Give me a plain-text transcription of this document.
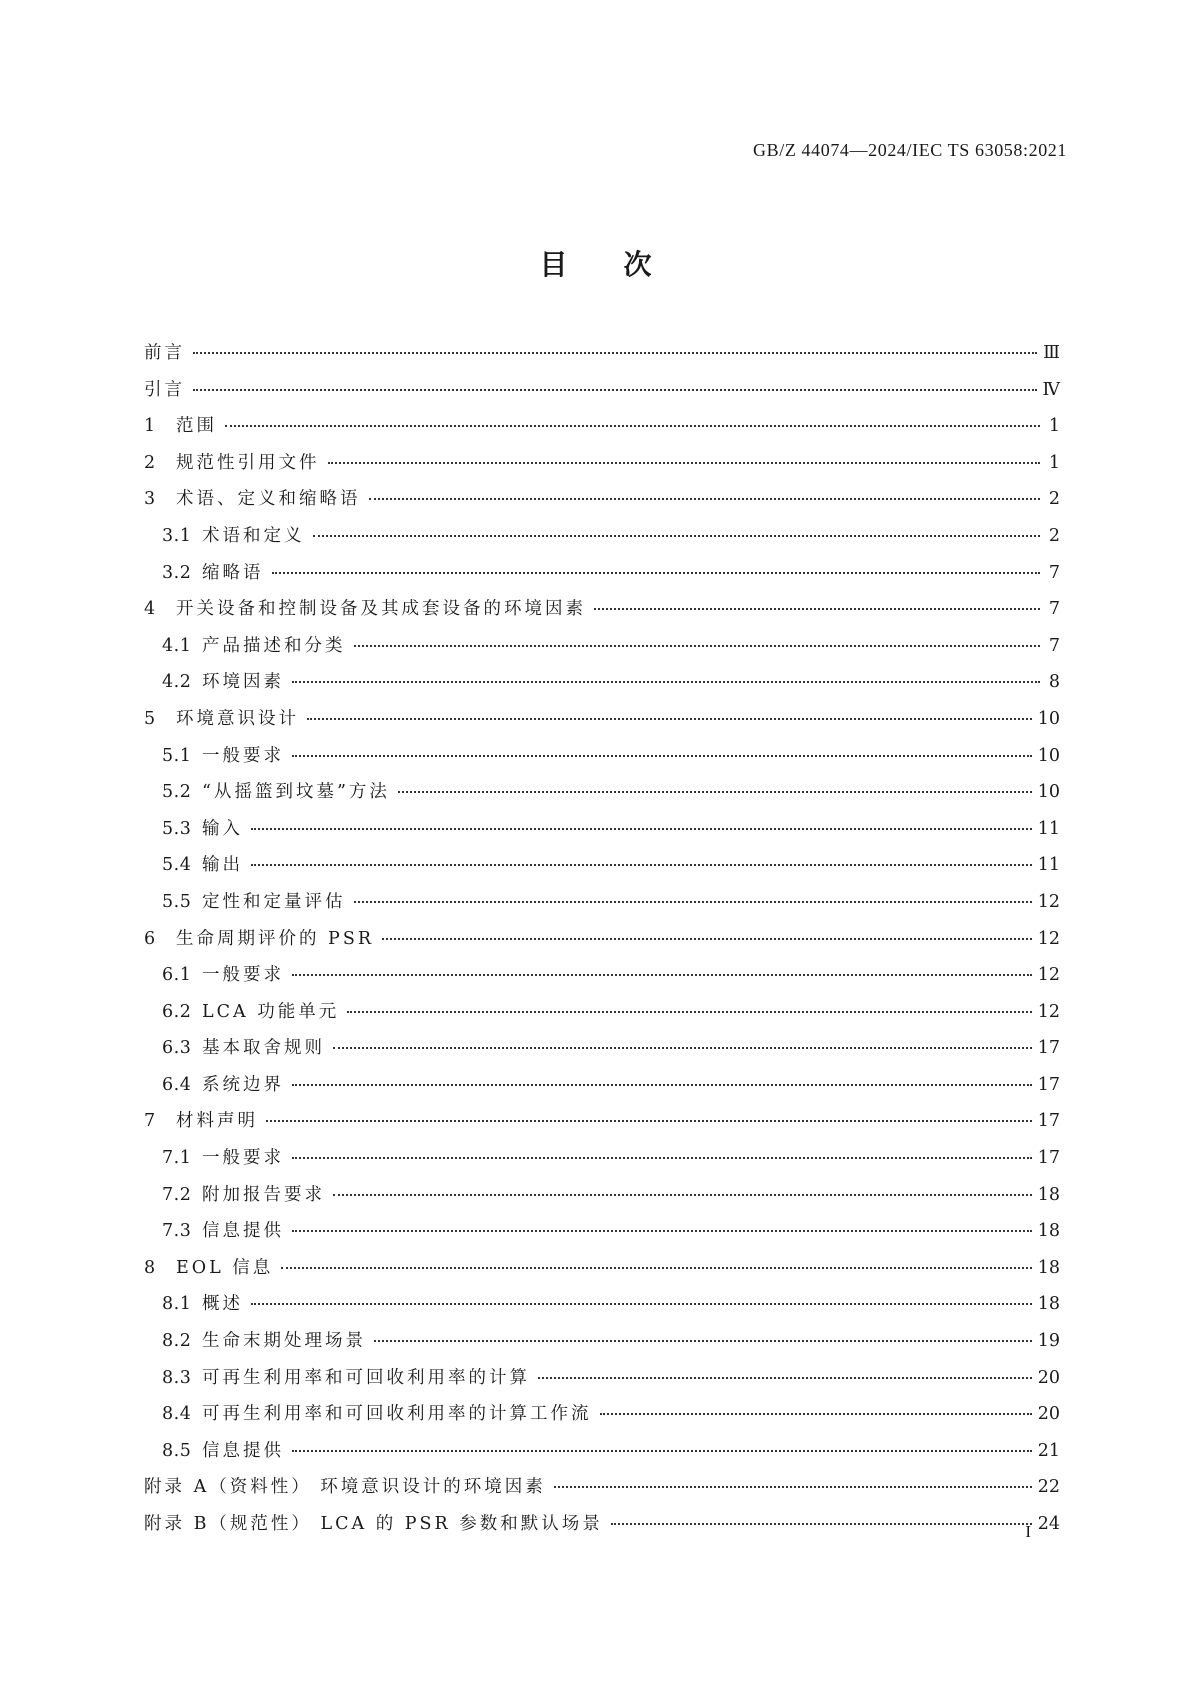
GB/Z 44074—2024/IEC TS 63058:2021
目次
前言	Ⅲ
引言	Ⅳ
1	范围	1
2	规范性引用文件	1
3	术语、定义和缩略语	2
3.1 术语和定义	2
3.2 缩略语	7
4	开关设备和控制设备及其成套设备的环境因素	7
4.1 产品描述和分类	7
4.2 环境因素	8
5	环境意识设计	10
5.1 一般要求	10
5.2 “从摇篮到坟墓”方法	10
5.3 输入	11
5.4 输出	11
5.5 定性和定量评估	12
6	生命周期评价的 PSR	12
6.1 一般要求	12
6.2 LCA 功能单元	12
6.3 基本取舍规则	17
6.4 系统边界	17
7	材料声明	17
7.1 一般要求	17
7.2 附加报告要求	18
7.3 信息提供	18
8	EOL 信息	18
8.1 概述	18
8.2 生命末期处理场景	19
8.3 可再生利用率和可回收利用率的计算	20
8.4 可再生利用率和可回收利用率的计算工作流	20
8.5 信息提供	21
附录 A（资料性） 环境意识设计的环境因素	22
附录 B（规范性） LCA 的 PSR 参数和默认场景	24
I
